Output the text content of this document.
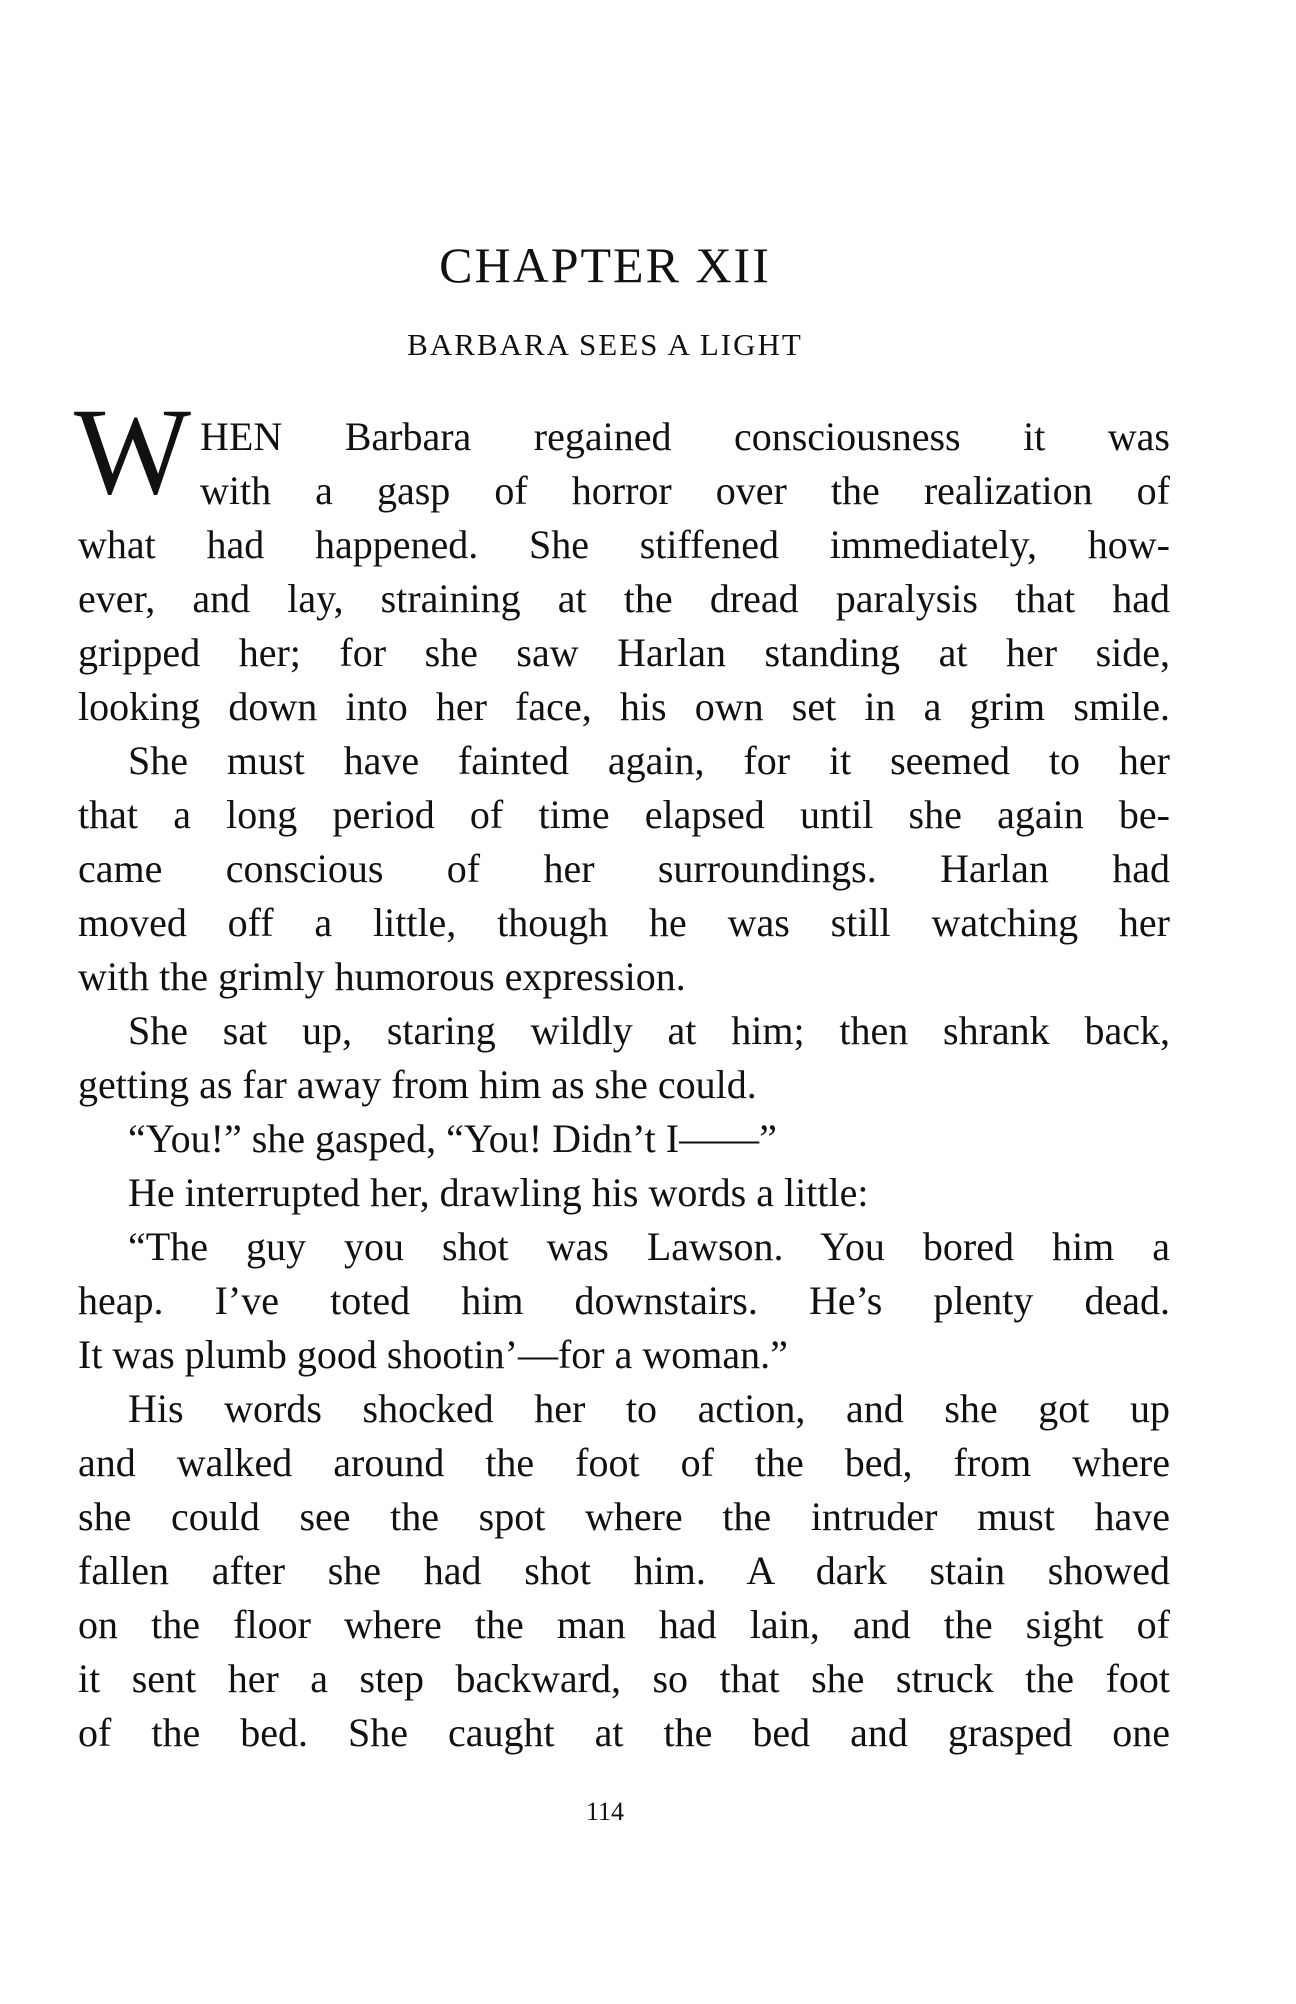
CHAPTER XII
BARBARA SEES A LIGHT
W HEN Barbara regained consciousness it was
with a gasp of horror over the realization of
what had happened. She stiffened immediately, how-
ever, and lay, straining at the dread paralysis that had
gripped her; for she saw Harlan standing at her side,
looking down into her face, his own set in a grim smile.
She must have fainted again, for it seemed to her
that a long period of time elapsed until she again be-
came conscious of her surroundings. Harlan had
moved off a little, though he was still watching her
with the grimly humorous expression.
She sat up, staring wildly at him; then shrank back,
getting as far away from him as she could.
“You!” she gasped, “You! Didn’t I——”
He interrupted her, drawling his words a little:
“The guy you shot was Lawson. You bored him a
heap. I’ve toted him downstairs. He’s plenty dead.
It was plumb good shootin’—for a woman.”
His words shocked her to action, and she got up
and walked around the foot of the bed, from where
she could see the spot where the intruder must have
fallen after she had shot him. A dark stain showed
on the floor where the man had lain, and the sight of
it sent her a step backward, so that she struck the foot
of the bed. She caught at the bed and grasped one
114
